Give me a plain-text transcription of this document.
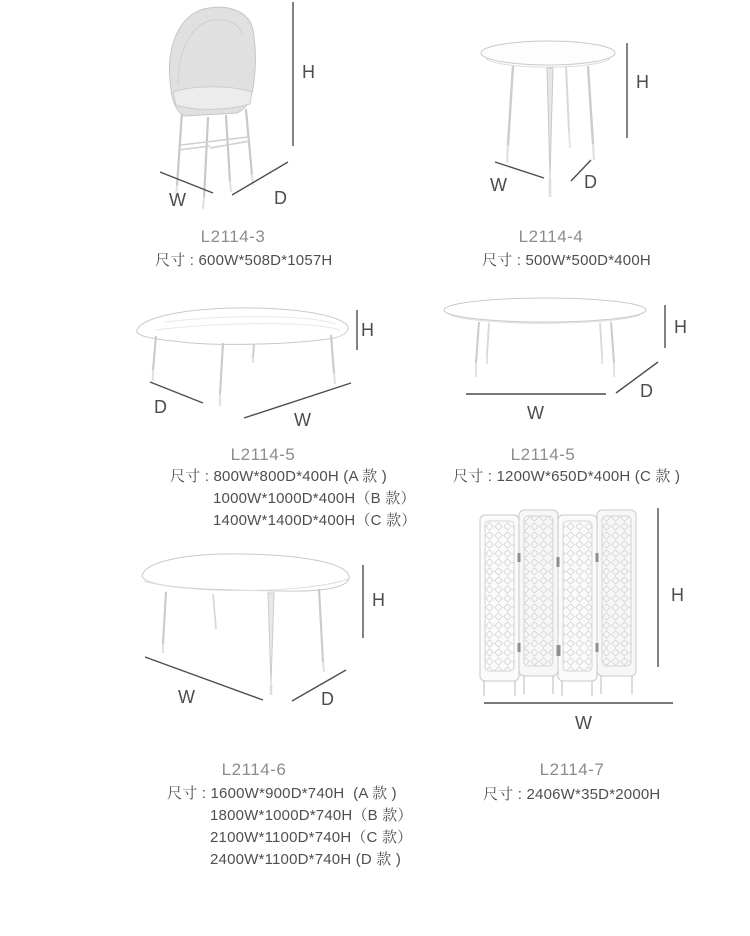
W	D
H
L2114-3
尺寸 : 600W*508D*1057H
W	D
H
L2114-4
尺寸 : 500W*500D*400H
D
W
H
L2114-5
尺寸 : 800W*800D*400H (A 款 )
1000W*1000D*400H（B 款）
1400W*1400D*400H（C 款）
W
D
H
L2114-5
尺寸 : 1200W*650D*400H (C 款 )
W	D
H
L2114-6
尺寸 : 1600W*900D*740H  (A 款 )
1800W*1000D*740H（B 款）
2100W*1100D*740H（C 款）
2400W*1100D*740H (D 款 )
W
H
L2114-7
尺寸 : 2406W*35D*2000H
